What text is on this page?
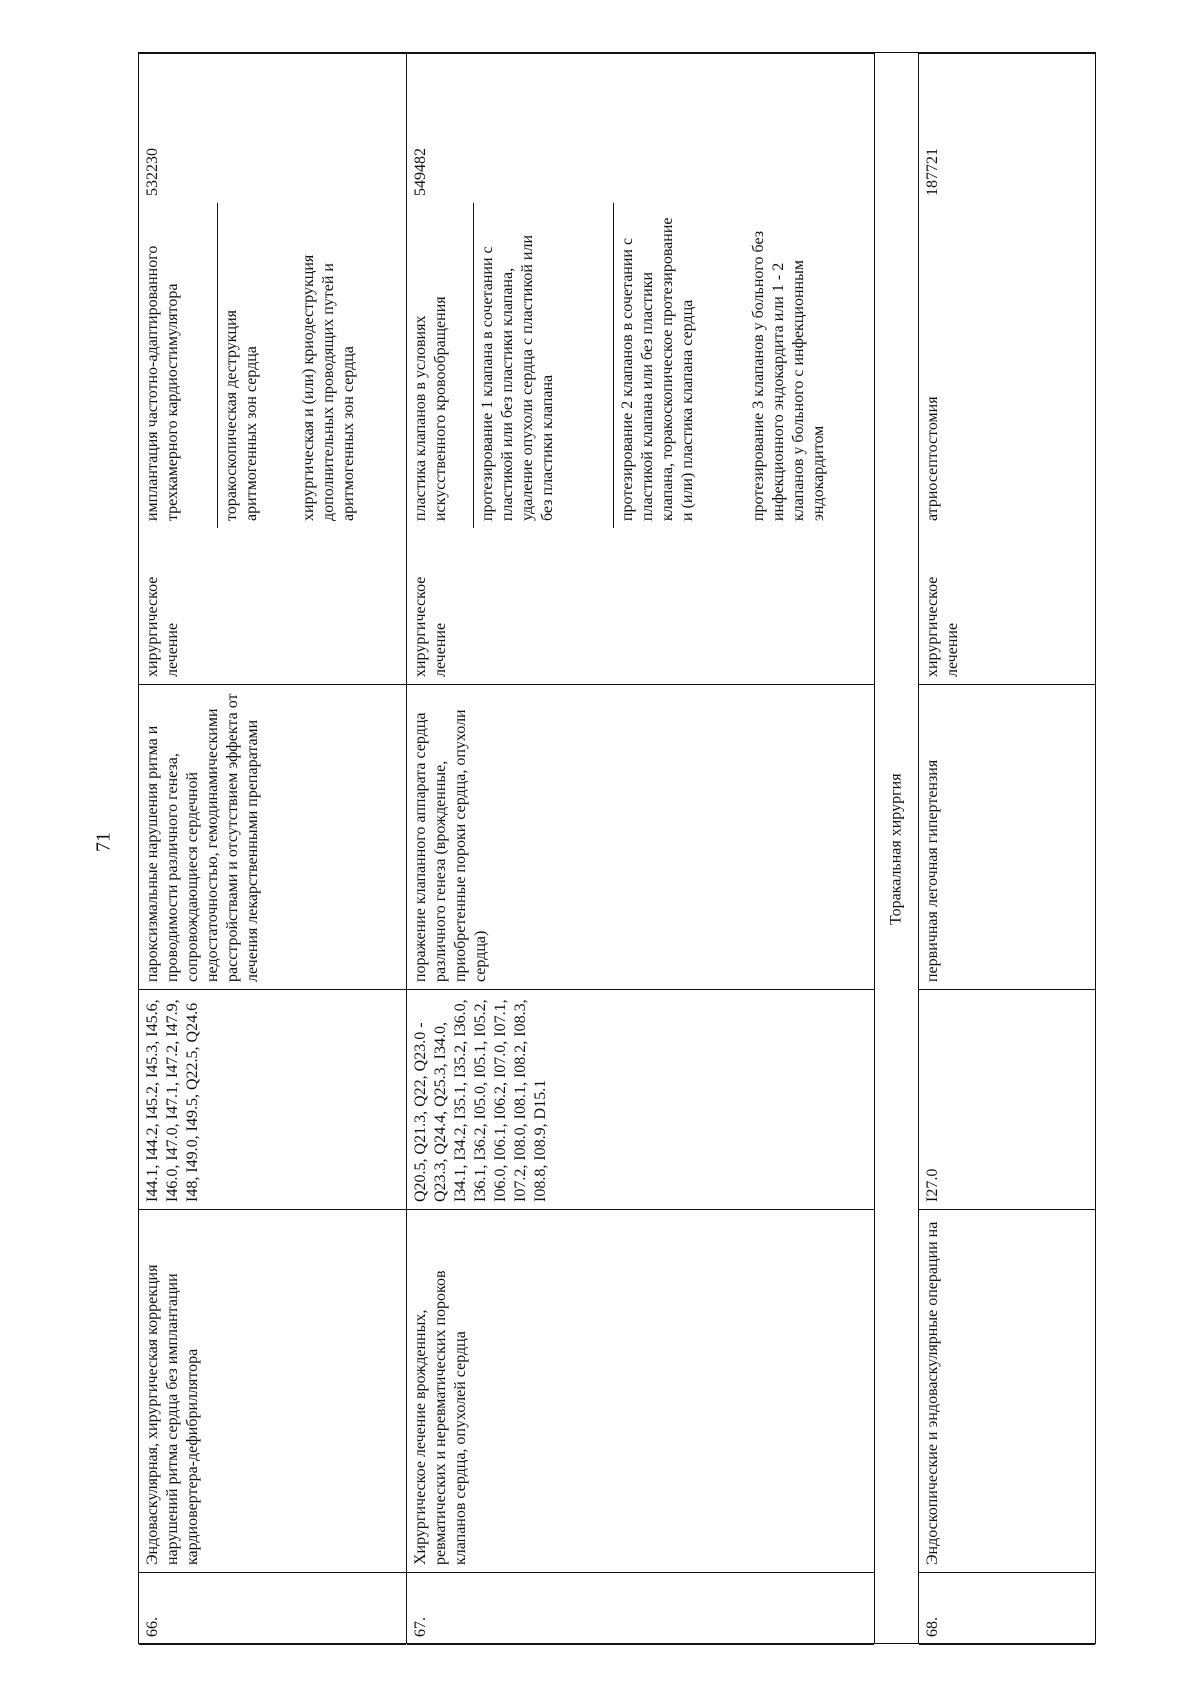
71
66.
Эндоваскулярная, хирургическая коррекция нарушений ритма сердца без имплантации кардиовертера-дефибриллятора
I44.1, I44.2, I45.2, I45.3, I45.6, I46.0, I47.0, I47.1, I47.2, I47.9, I48, I49.0, I49.5, Q22.5, Q24.6
пароксизмальные нарушения ритма и проводимости различного генеза, сопровождающиеся сердечной недостаточностью, гемодинамическими расстройствами и отсутствием эффекта от лечения лекарственными препаратами
хирургическое лечение
имплантация частотно-адаптированного трехкамерного кардиостимулятора	торакоскопическая деструкция аритмогенных зон сердца	хирургическая и (или) криодеструкция дополнительных проводящих путей и аритмогенных зон сердца
532230
67.
Хирургическое лечение врожденных, ревматических и неревматических пороков клапанов сердца, опухолей сердца
Q20.5, Q21.3, Q22, Q23.0 - Q23.3, Q24.4, Q25.3, I34.0, I34.1, I34.2, I35.1, I35.2, I36.0, I36.1, I36.2, I05.0, I05.1, I05.2, I06.0, I06.1, I06.2, I07.0, I07.1, I07.2, I08.0, I08.1, I08.2, I08.3, I08.8, I08.9, D15.1
поражение клапанного аппарата сердца различного генеза (врожденные, приобретенные пороки сердца, опухоли сердца)
хирургическое лечение
пластика клапанов в условиях искусственного кровообращения	протезирование 1 клапана в сочетании с пластикой или без пластики клапана, удаление опухоли сердца с пластикой или без пластики клапана	протезирование 2 клапанов в сочетании с пластикой клапана или без пластики клапана, торакоскопическое протезирование и (или) пластика клапана сердца	протезирование 3 клапанов у больного без инфекционного эндокардита или 1 - 2 клапанов у больного с инфекционным эндокардитом
549482
Торакальная хирургия
68.
Эндоскопические и эндоваскулярные операции на
I27.0
первичная легочная гипертензия
хирургическое лечение
атриосептостомия
187721
